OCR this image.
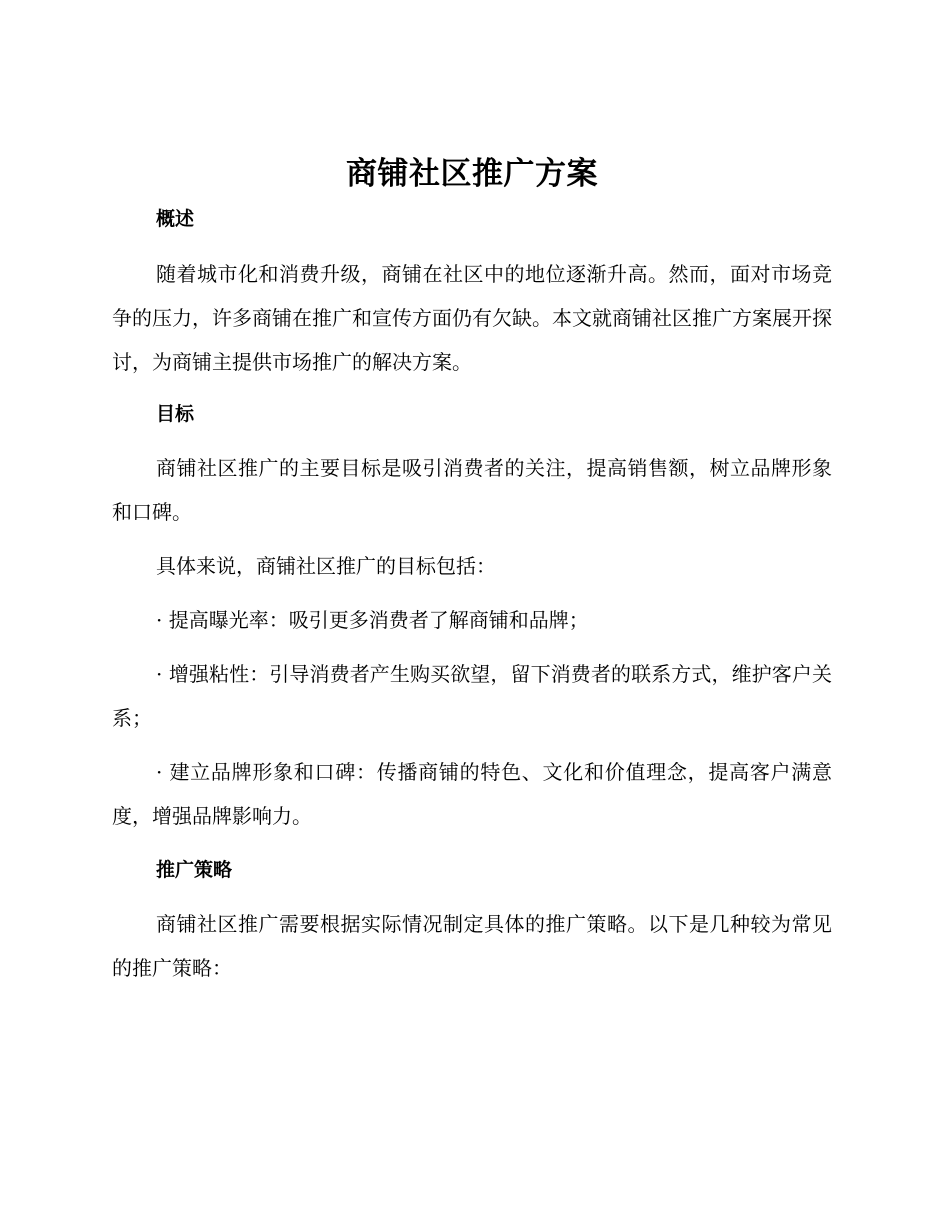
商铺社区推广方案
概述
随着城市化和消费升级，商铺在社区中的地位逐渐升高。然而，面对市场竞争的压力，许多商铺在推广和宣传方面仍有欠缺。本文就商铺社区推广方案展开探讨，为商铺主提供市场推广的解决方案。
目标
商铺社区推广的主要目标是吸引消费者的关注，提高销售额，树立品牌形象和口碑。
具体来说，商铺社区推广的目标包括：
· 提高曝光率：吸引更多消费者了解商铺和品牌；
· 增强粘性：引导消费者产生购买欲望，留下消费者的联系方式，维护客户关系；
· 建立品牌形象和口碑：传播商铺的特色、文化和价值理念，提高客户满意度，增强品牌影响力。
推广策略
商铺社区推广需要根据实际情况制定具体的推广策略。以下是几种较为常见的推广策略：
